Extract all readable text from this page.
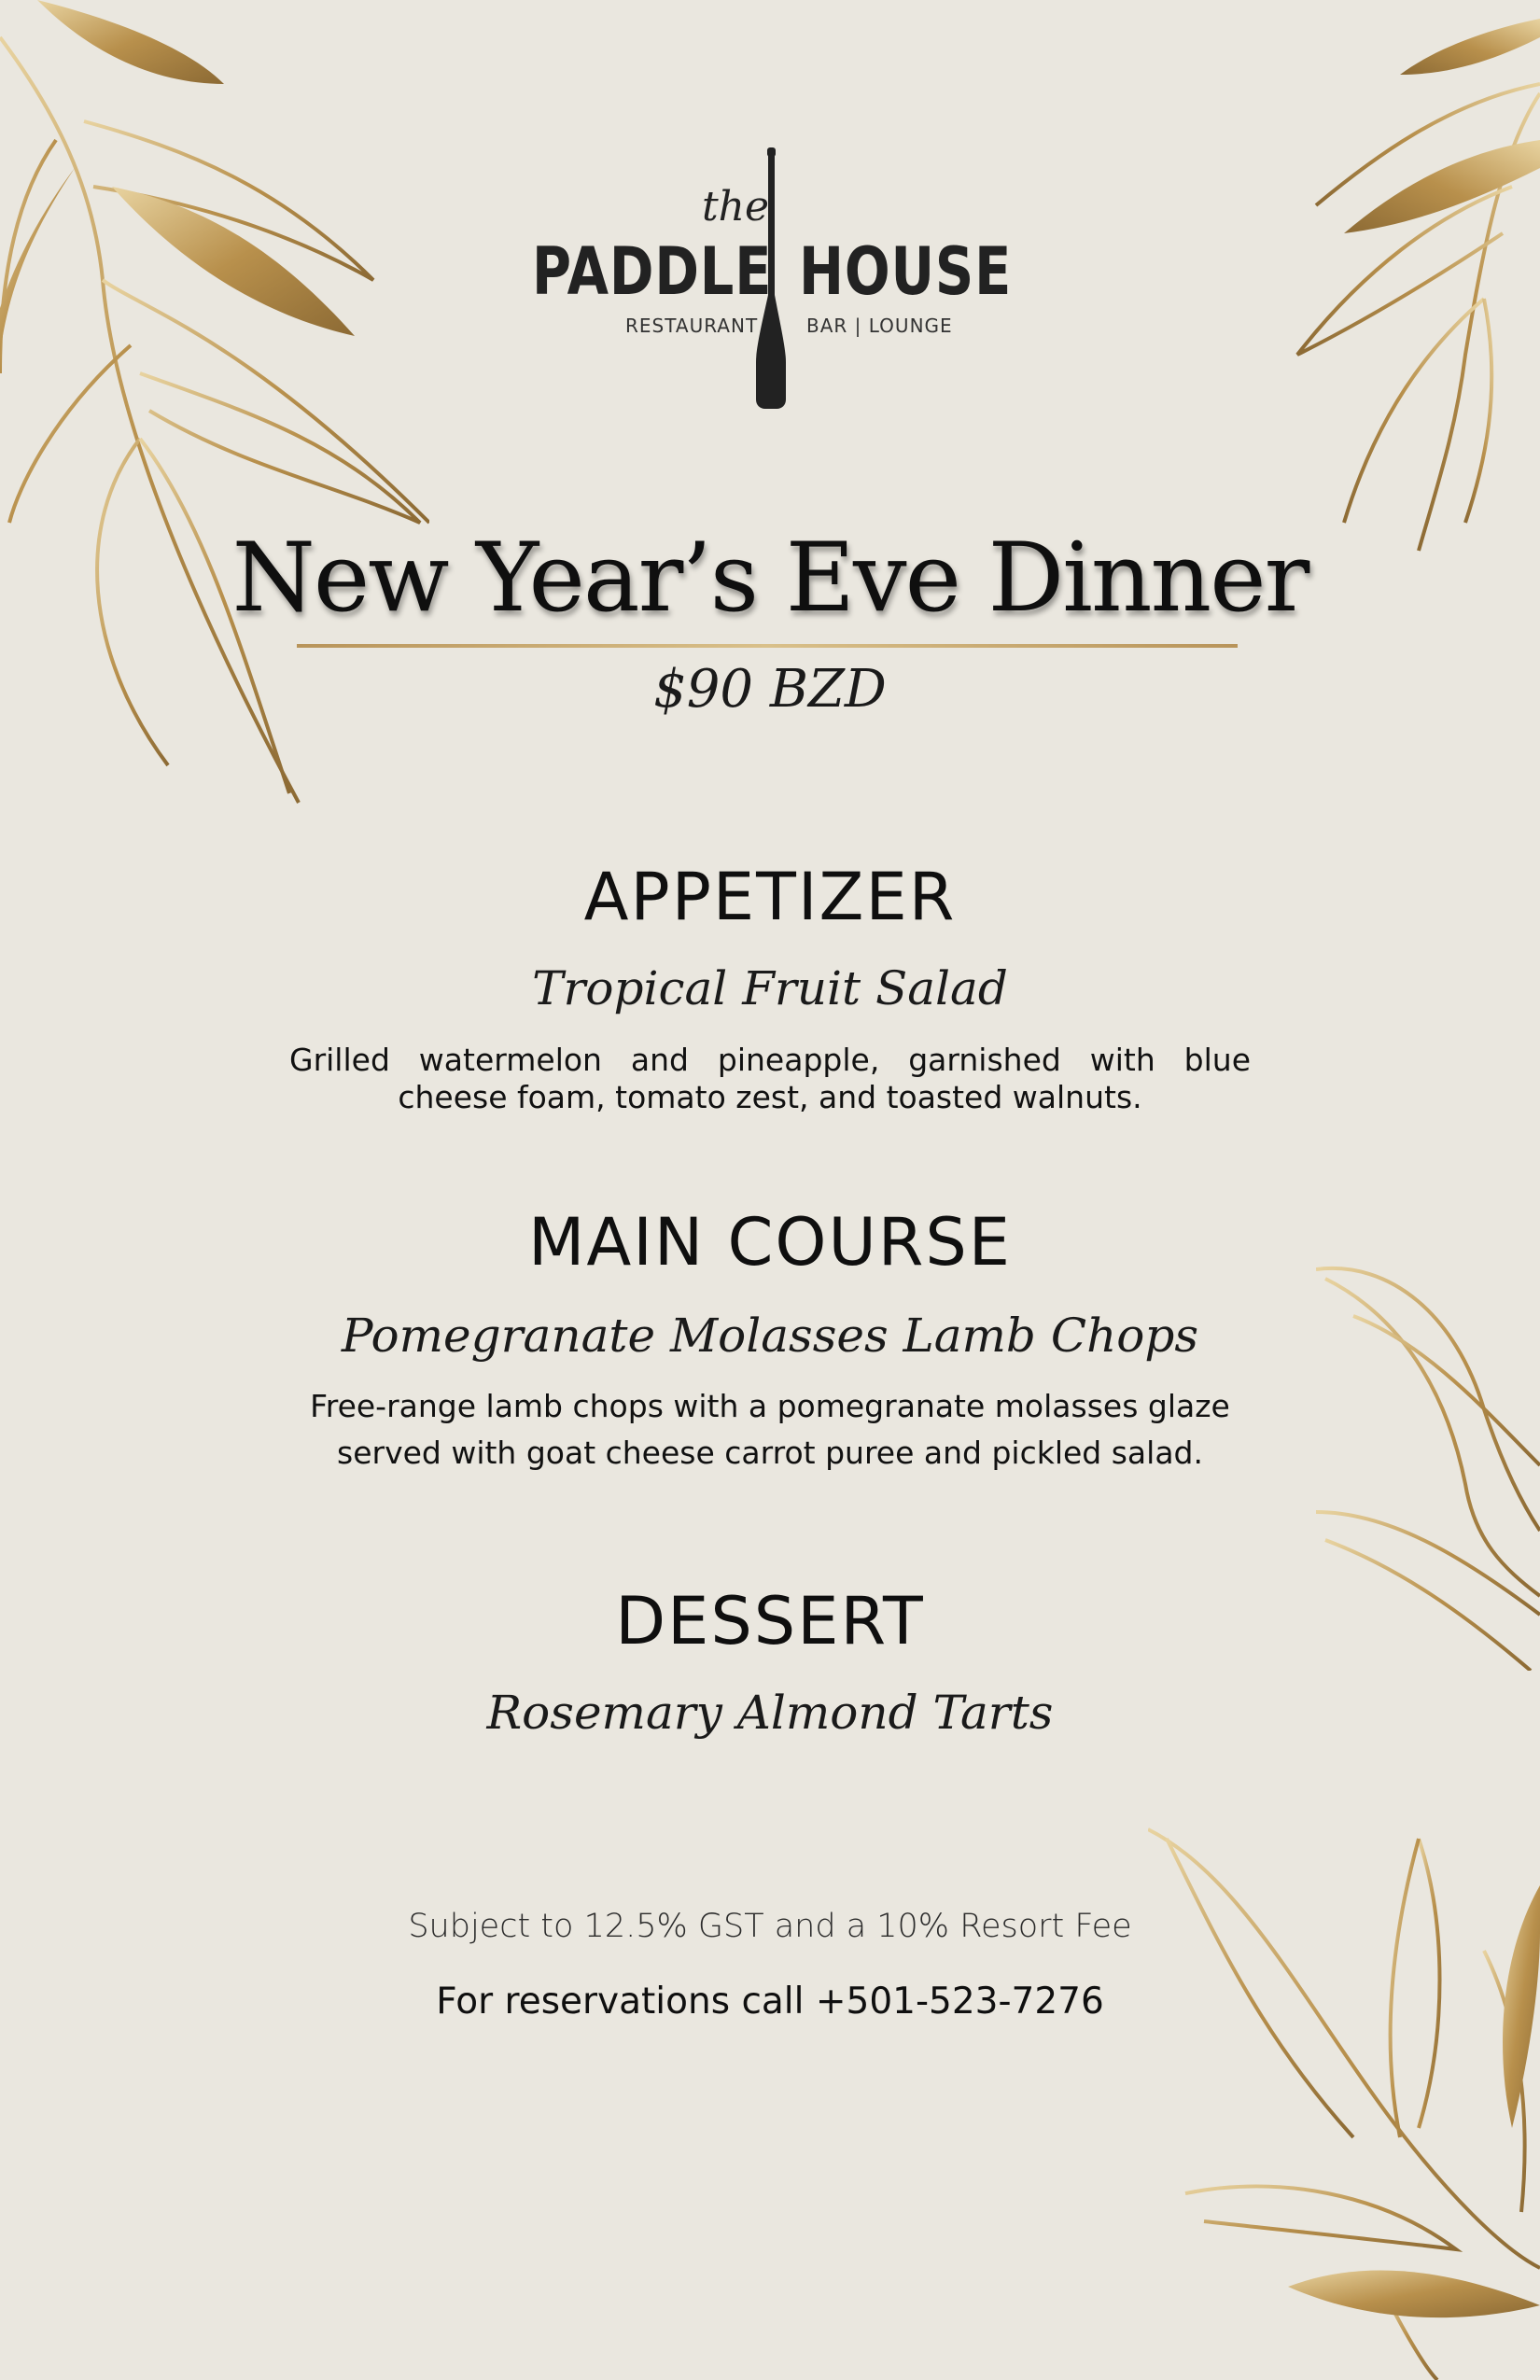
the
PADDLE HOUSE
RESTAURANT	BAR | LOUNGE
New Year’s Eve Dinner
$90 BZD
APPETIZER
Tropical Fruit Salad
Grilled watermelon and pineapple, garnished with blue cheese foam, tomato zest, and toasted walnuts.
MAIN COURSE
Pomegranate Molasses Lamb Chops
Free-range lamb chops with a pomegranate molasses glaze
served with goat cheese carrot puree and pickled salad.
DESSERT
Rosemary Almond Tarts
Subject to 12.5% GST and a 10% Resort Fee
For reservations call +501-523-7276
